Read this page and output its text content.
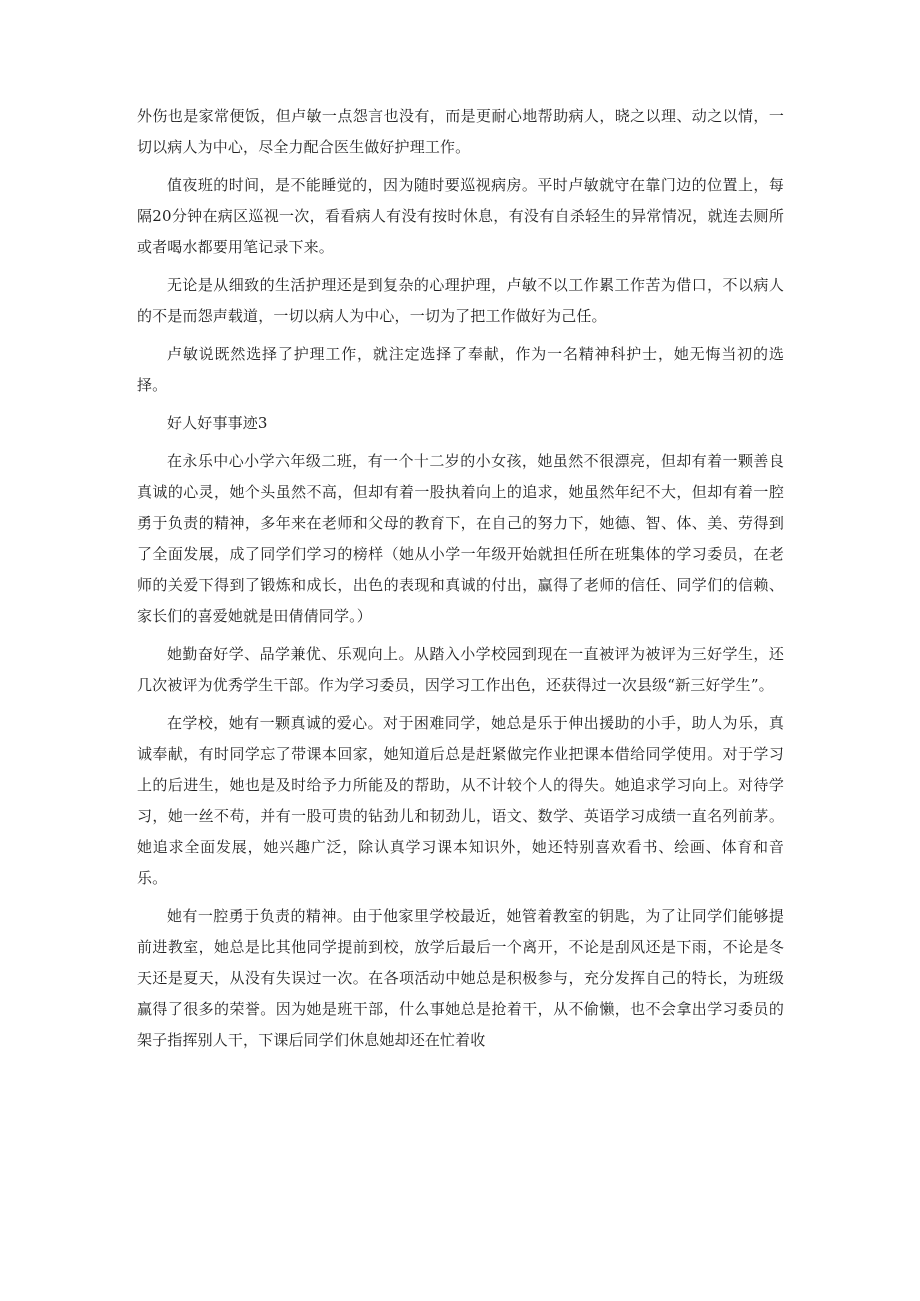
外伤也是家常便饭，但卢敏一点怨言也没有，而是更耐心地帮助病人，晓之以理、动之以情，一切以病人为中心，尽全力配合医生做好护理工作。

值夜班的时间，是不能睡觉的，因为随时要巡视病房。平时卢敏就守在靠门边的位置上，每隔20分钟在病区巡视一次，看看病人有没有按时休息，有没有自杀轻生的异常情况，就连去厕所或者喝水都要用笔记录下来。

无论是从细致的生活护理还是到复杂的心理护理，卢敏不以工作累工作苦为借口，不以病人的不是而怨声载道，一切以病人为中心，一切为了把工作做好为己任。

卢敏说既然选择了护理工作，就注定选择了奉献，作为一名精神科护士，她无悔当初的选择。

好人好事事迹3

在永乐中心小学六年级二班，有一个十二岁的小女孩，她虽然不很漂亮，但却有着一颗善良真诚的心灵，她个头虽然不高，但却有着一股执着向上的追求，她虽然年纪不大，但却有着一腔勇于负责的精神，多年来在老师和父母的教育下，在自己的努力下，她德、智、体、美、劳得到了全面发展，成了同学们学习的榜样（她从小学一年级开始就担任所在班集体的学习委员，在老师的关爱下得到了锻炼和成长，出色的表现和真诚的付出，赢得了老师的信任、同学们的信赖、家长们的喜爱她就是田倩倩同学。）

她勤奋好学、品学兼优、乐观向上。从踏入小学校园到现在一直被评为被评为三好学生，还几次被评为优秀学生干部。作为学习委员，因学习工作出色，还获得过一次县级“新三好学生”。

在学校，她有一颗真诚的爱心。对于困难同学，她总是乐于伸出援助的小手，助人为乐，真诚奉献，有时同学忘了带课本回家，她知道后总是赶紧做完作业把课本借给同学使用。对于学习上的后进生，她也是及时给予力所能及的帮助，从不计较个人的得失。她追求学习向上。对待学习，她一丝不苟，并有一股可贵的钻劲儿和韧劲儿，语文、数学、英语学习成绩一直名列前茅。她追求全面发展，她兴趣广泛，除认真学习课本知识外，她还特别喜欢看书、绘画、体育和音乐。

她有一腔勇于负责的精神。由于他家里学校最近，她管着教室的钥匙，为了让同学们能够提前进教室，她总是比其他同学提前到校，放学后最后一个离开，不论是刮风还是下雨，不论是冬天还是夏天，从没有失误过一次。在各项活动中她总是积极参与，充分发挥自己的特长，为班级赢得了很多的荣誉。因为她是班干部，什么事她总是抢着干，从不偷懒，也不会拿出学习委员的架子指挥别人干，下课后同学们休息她却还在忙着收
